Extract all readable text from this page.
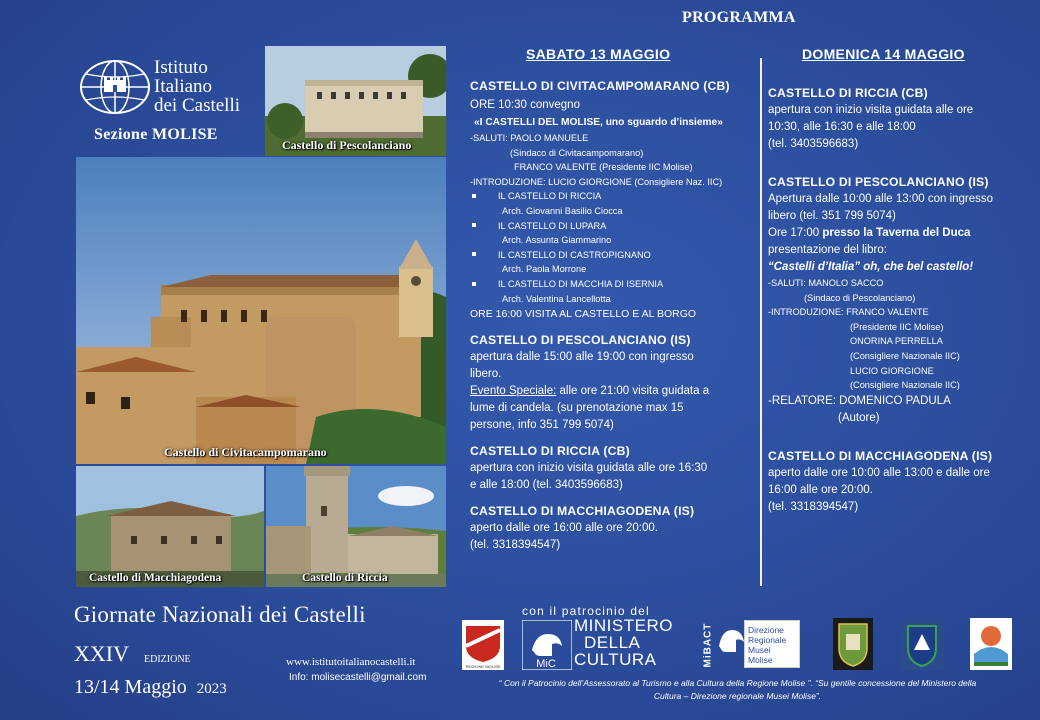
PROGRAMMA
Istituto
Italiano
dei Castelli
Sezione MOLISE
Castello di Pescolanciano
Castello di Civitacampomarano
Castello di Macchiagodena	Castello di Riccia
SABATO 13 MAGGIO
CASTELLO DI CIVITACAMPOMARANO (CB)
ORE 10:30 convegno
«I CASTELLI DEL MOLISE, uno sguardo d’insieme»
-SALUTI: PAOLO MANUELE
(Sindaco di Civitacampomarano)
FRANCO VALENTE (Presidente IIC Molise)
-INTRODUZIONE: LUCIO GIORGIONE (Consigliere Naz. IIC)
IL CASTELLO DI RICCIA
Arch. Giovanni Basilio Ciocca
IL CASTELLO DI LUPARA
Arch. Assunta Giammarino
IL CASTELLO DI CASTROPIGNANO
Arch. Paola Morrone
IL CASTELLO DI MACCHIA DI ISERNIA
Arch. Valentina Lancellotta
ORE 16:00 VISITA AL CASTELLO E AL BORGO
CASTELLO DI PESCOLANCIANO (IS)
apertura dalle 15:00 alle 19:00 con ingresso
libero.
Evento Speciale: alle ore 21:00 visita guidata a
lume di candela. (su prenotazione max 15
persone, info 351 799 5074)
CASTELLO DI RICCIA (CB)
apertura con inizio visita guidata alle ore 16:30
e alle 18:00 (tel. 3403596683)
CASTELLO DI MACCHIAGODENA (IS)
aperto dalle ore 16:00 alle ore 20:00.
(tel. 3318394547)
DOMENICA 14 MAGGIO
CASTELLO DI RICCIA (CB)
apertura con inizio visita guidata alle ore
10:30, alle 16:30 e alle 18:00
(tel. 3403596683)
CASTELLO DI PESCOLANCIANO (IS)
Apertura dalle 10:00 alle 13:00 con ingresso
libero (tel. 351 799 5074)
Ore 17:00 presso la Taverna del Duca
presentazione del libro:
“Castelli d’Italia” oh, che bel castello!
-SALUTI: MANOLO SACCO
(Sindaco di Pescolanciano)
-INTRODUZIONE: FRANCO VALENTE
(Presidente IIC Molise)
ONORINA PERRELLA
(Consigliere Nazionale IIC)
LUCIO GIORGIONE
(Consigliere Nazionale IIC)
-RELATORE: DOMENICO PADULA
(Autore)
CASTELLO DI MACCHIAGODENA (IS)
aperto dalle ore 10:00 alle 13:00 e dalle ore
16:00 alle ore 20:00.
(tel. 3318394547)
Giornate Nazionali dei Castelli
XXIV EDIZIONE
13/14 Maggio 2023
www.istitutoitalianocastelli.it
Info: molisecastelli@gmail.com
REGIONE MOLISE
con il patrocinio del
MiC
MINISTERO
DELLA
CULTURA	MiBACT	Direzione
Regionale Musei
Molise
“ Con il Patrocinio dell’Assessorato al Turismo e alla Cultura della Regione Molise ”. “Su gentile concessione del Ministero della
Cultura – Direzione regionale Musei Molise”.
